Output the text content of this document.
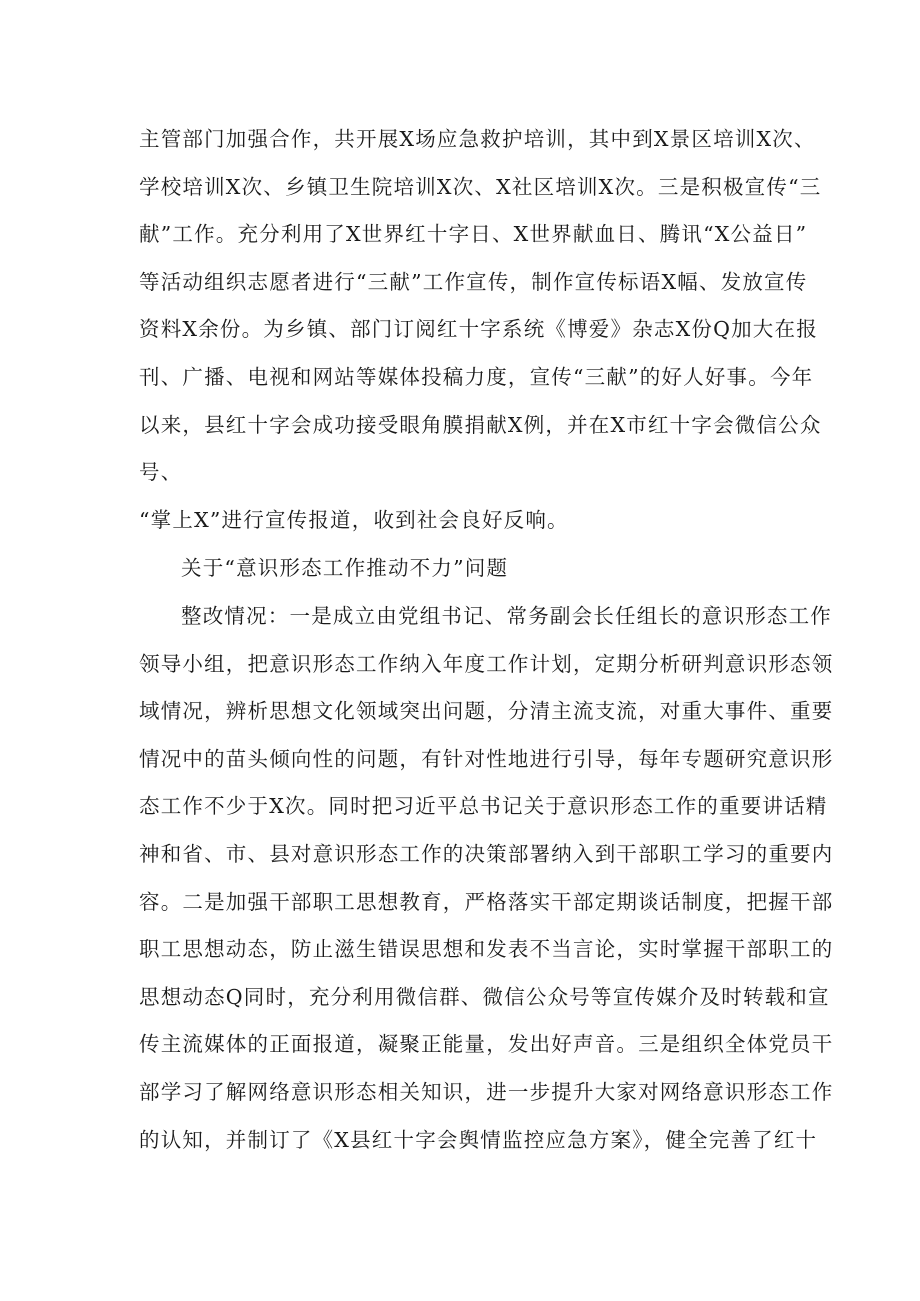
主管部门加强合作，共开展X场应急救护培训，其中到X景区培训X次、
学校培训X次、乡镇卫生院培训X次、X社区培训X次。三是积极宣传“三
献”工作。充分利用了X世界红十字日、X世界献血日、腾讯“X公益日”
等活动组织志愿者进行“三献”工作宣传，制作宣传标语X幅、发放宣传
资料X余份。为乡镇、部门订阅红十字系统《博爱》杂志X份Q加大在报
刊、广播、电视和网站等媒体投稿力度，宣传“三献”的好人好事。今年
以来，县红十字会成功接受眼角膜捐献X例，并在X市红十字会微信公众
号、
“掌上X”进行宣传报道，收到社会良好反响。
关于“意识形态工作推动不力”问题
整改情况：一是成立由党组书记、常务副会长任组长的意识形态工作
领导小组，把意识形态工作纳入年度工作计划，定期分析研判意识形态领
域情况，辨析思想文化领域突出问题，分清主流支流，对重大事件、重要
情况中的苗头倾向性的问题，有针对性地进行引导，每年专题研究意识形
态工作不少于X次。同时把习近平总书记关于意识形态工作的重要讲话精
神和省、市、县对意识形态工作的决策部署纳入到干部职工学习的重要内
容。二是加强干部职工思想教育，严格落实干部定期谈话制度，把握干部
职工思想动态，防止滋生错误思想和发表不当言论，实时掌握干部职工的
思想动态Q同时，充分利用微信群、微信公众号等宣传媒介及时转载和宣
传主流媒体的正面报道，凝聚正能量，发出好声音。三是组织全体党员干
部学习了解网络意识形态相关知识，进一步提升大家对网络意识形态工作
的认知，并制订了《X县红十字会舆情监控应急方案》，健全完善了红十
